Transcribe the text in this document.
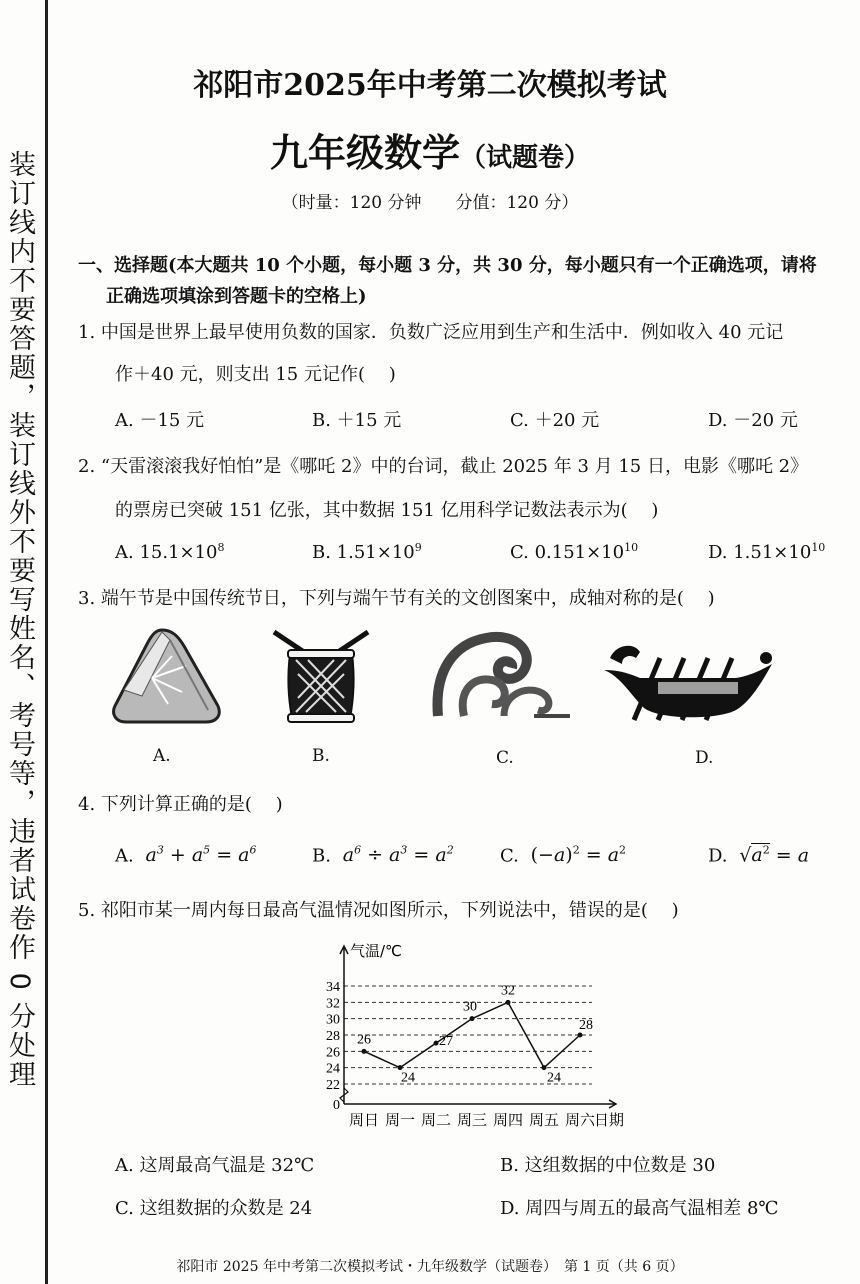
装订线内不要答题，装订线外不要写姓名、考号等，违者试卷作 0 分处理
祁阳市2025年中考第二次模拟考试
九年级数学（试题卷）
（时量：120 分钟　　分值：120 分）
一、选择题(本大题共 10 个小题，每小题 3 分，共 30 分，每小题只有一个正确选项，请将
正确选项填涂到答题卡的空格上)
1. 中国是世界上最早使用负数的国家．负数广泛应用到生产和生活中．例如收入 40 元记
作＋40 元，则支出 15 元记作(　 )
A. －15 元	B. ＋15 元	C. ＋20 元	D. －20 元
2. “天雷滚滚我好怕怕”是《哪吒 2》中的台词，截止 2025 年 3 月 15 日，电影《哪吒 2》
的票房已突破 151 亿张，其中数据 151 亿用科学记数法表示为(　 )
A. $15.1\times 10^8$	B. $1.51\times 10^9$	C. $0.151\times 10^{10}$	D. $1.51\times 10^{10}$
3. 端午节是中国传统节日，下列与端午节有关的文创图案中，成轴对称的是(　 )
A.	B.	C.	D.
4. 下列计算正确的是(　 )
A.  $a^3 + a^5 = a^6$	B.  $a^6 \div a^3 = a^2$	C.  $(-a)^2 = a^2$	D.  $√a^2 = a$
5. 祁阳市某一周内每日最高气温情况如图所示，下列说法中，错误的是(　 )
0
22
24
26
28
30
32
34
气温/℃
周日 周一 周二 周三 周四 周五 周六
日期
26
24
27
30
32
24
28
A. 这周最高气温是 32℃	B. 这组数据的中位数是 30
C. 这组数据的众数是 24	D. 周四与周五的最高气温相差 8℃
祁阳市 2025 年中考第二次模拟考试・九年级数学（试题卷）　第 1 页（共 6 页）
